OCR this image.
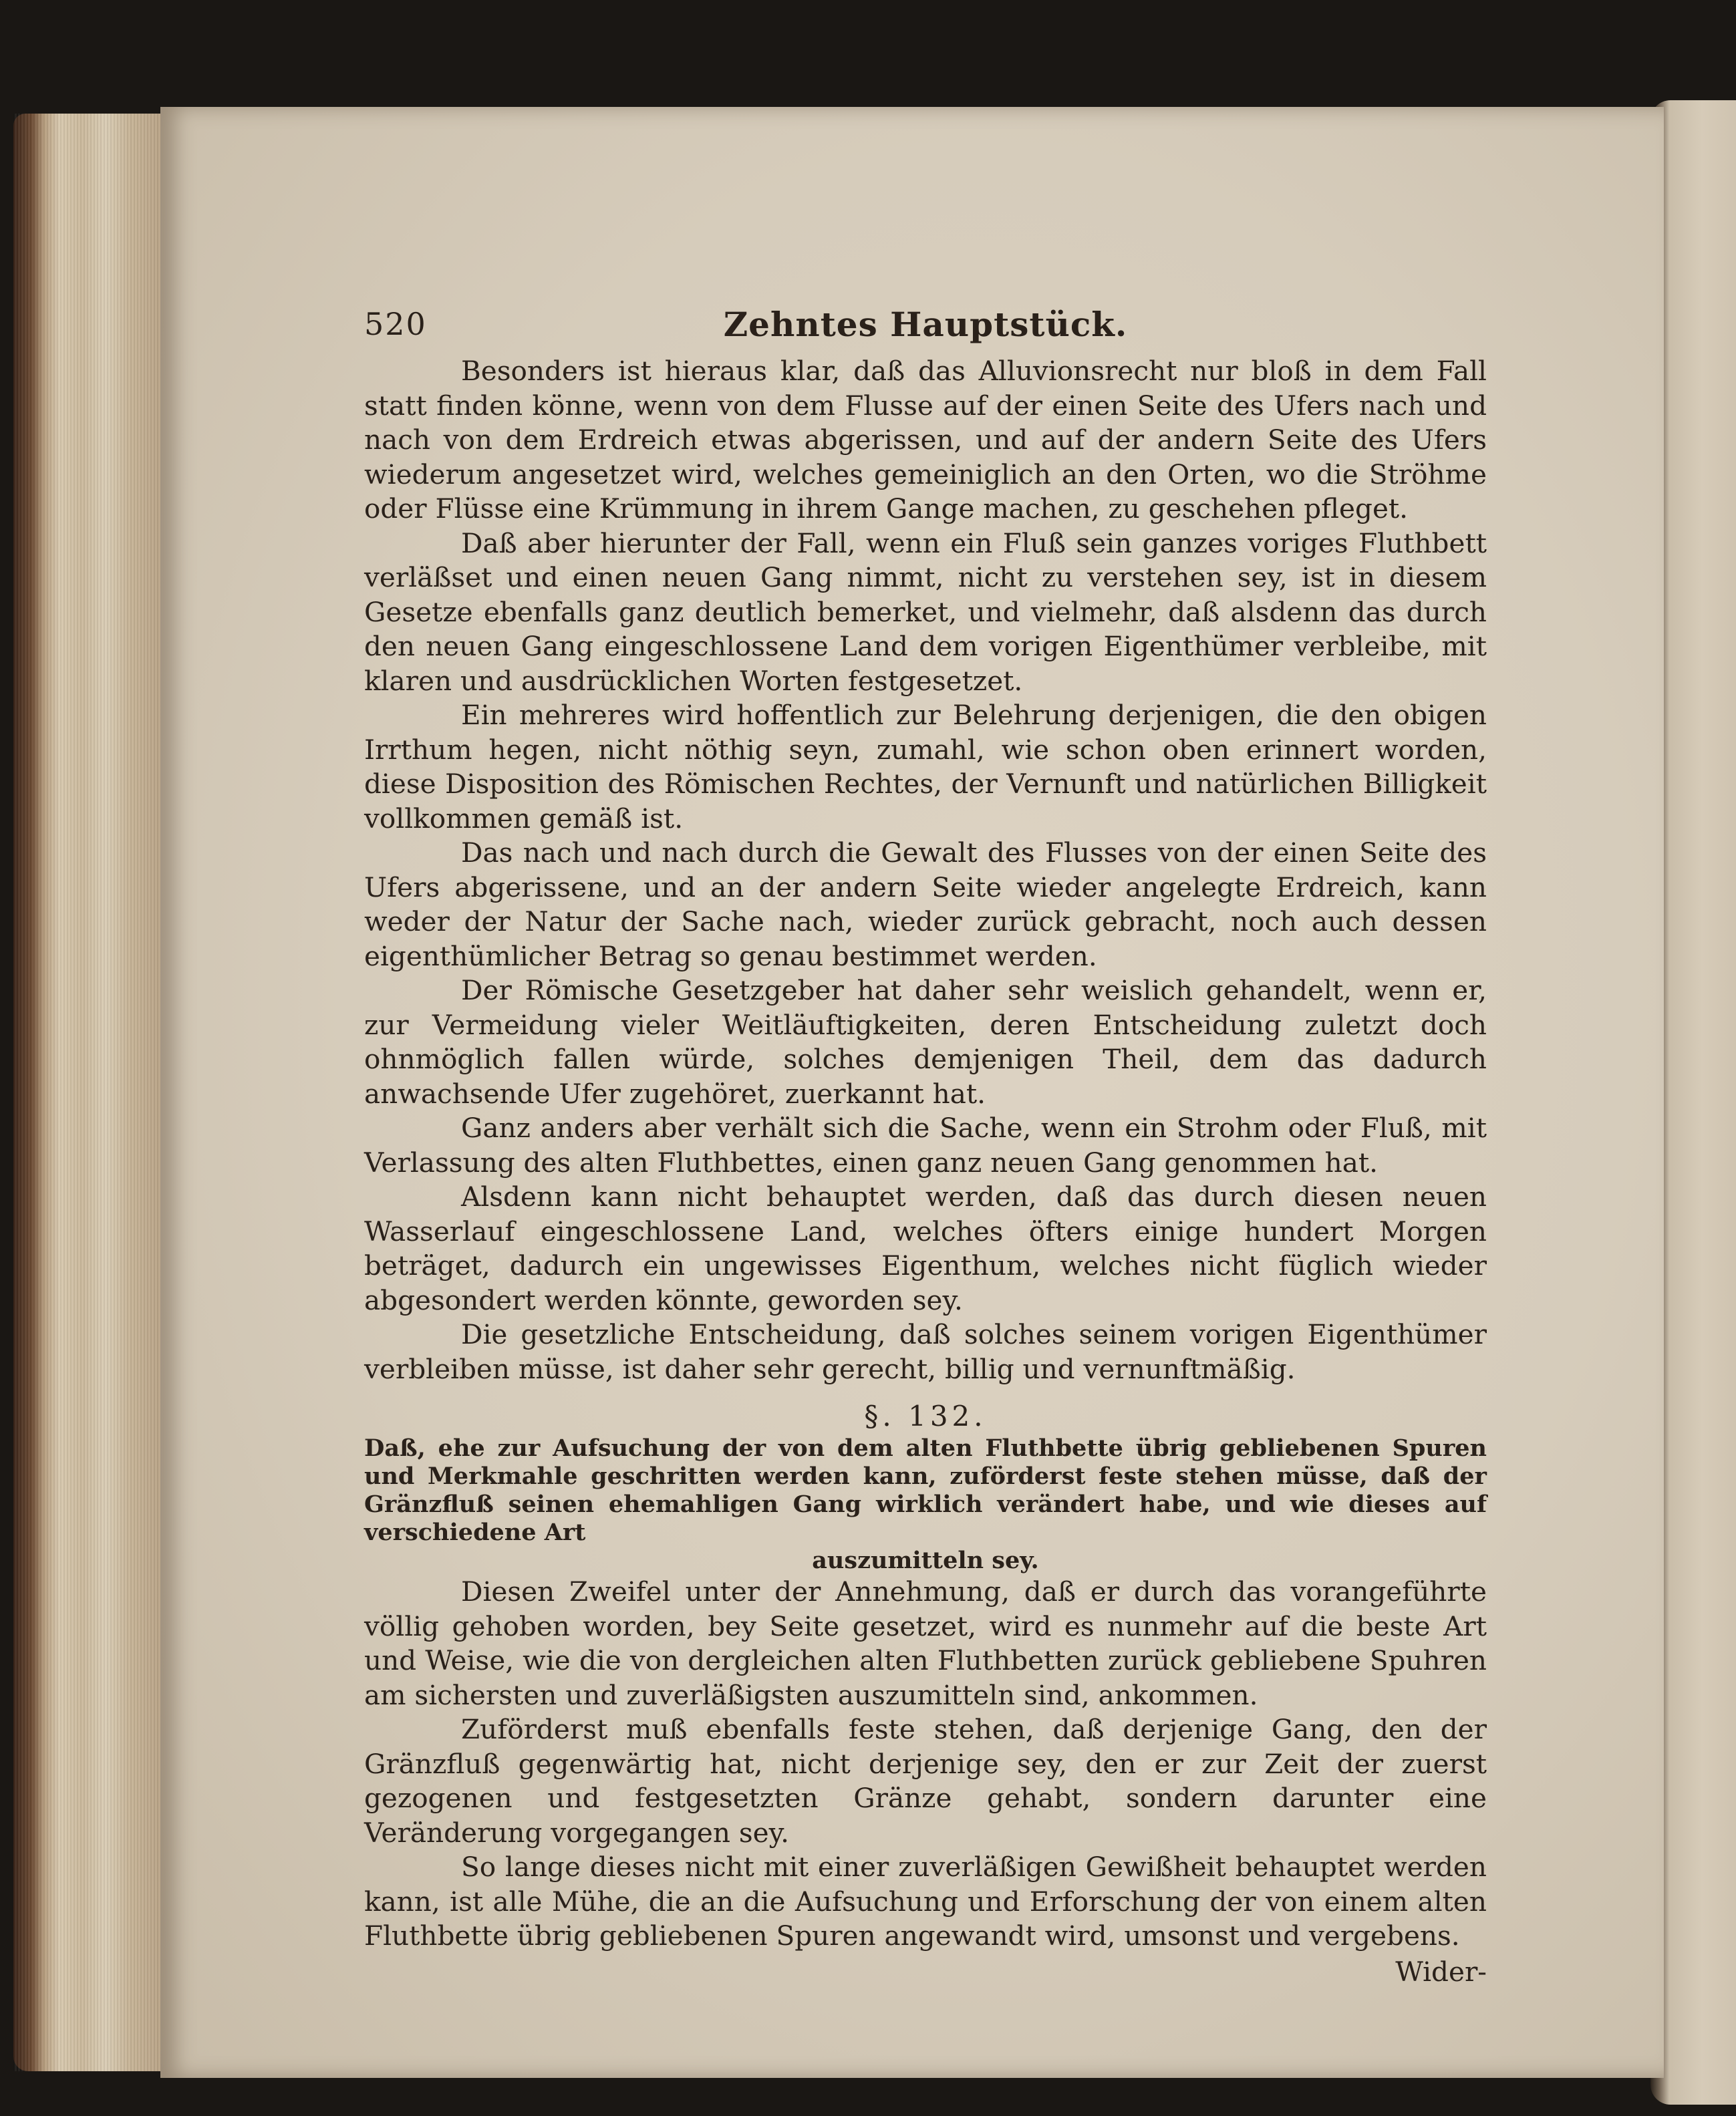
520	Zehntes Hauptstück.

Besonders ist hieraus klar, daß das Alluvionsrecht nur bloß in dem Fall statt finden könne, wenn von dem Flusse auf der einen Seite des Ufers nach und nach von dem Erdreich etwas abgerissen, und auf der andern Seite des Ufers wiederum angesetzet wird, welches gemeiniglich an den Orten, wo die Ströhme oder Flüsse eine Krümmung in ihrem Gange machen, zu geschehen pfleget.

Daß aber hierunter der Fall, wenn ein Fluß sein ganzes voriges Fluthbett verläßset und einen neuen Gang nimmt, nicht zu verstehen sey, ist in diesem Gesetze ebenfalls ganz deutlich bemerket, und vielmehr, daß alsdenn das durch den neuen Gang eingeschlossene Land dem vorigen Eigenthümer verbleibe, mit klaren und ausdrücklichen Worten festgesetzet.

Ein mehreres wird hoffentlich zur Belehrung derjenigen, die den obigen Irrthum hegen, nicht nöthig seyn, zumahl, wie schon oben erinnert worden, diese Disposition des Römischen Rechtes, der Vernunft und natürlichen Billigkeit vollkommen gemäß ist.

Das nach und nach durch die Gewalt des Flusses von der einen Seite des Ufers abgerissene, und an der andern Seite wieder angelegte Erdreich, kann weder der Natur der Sache nach, wieder zurück gebracht, noch auch dessen eigenthümlicher Betrag so genau bestimmet werden.

Der Römische Gesetzgeber hat daher sehr weislich gehandelt, wenn er, zur Vermeidung vieler Weitläuftigkeiten, deren Entscheidung zuletzt doch ohnmöglich fallen würde, solches demjenigen Theil, dem das dadurch anwachsende Ufer zugehöret, zuerkannt hat.

Ganz anders aber verhält sich die Sache, wenn ein Strohm oder Fluß, mit Verlassung des alten Fluthbettes, einen ganz neuen Gang genommen hat.

Alsdenn kann nicht behauptet werden, daß das durch diesen neuen Wasserlauf eingeschlossene Land, welches öfters einige hundert Morgen beträget, dadurch ein ungewisses Eigenthum, welches nicht füglich wieder abgesondert werden könnte, geworden sey.

Die gesetzliche Entscheidung, daß solches seinem vorigen Eigenthümer verbleiben müsse, ist daher sehr gerecht, billig und vernunftmäßig.

§. 132.

Daß, ehe zur Aufsuchung der von dem alten Fluthbette übrig gebliebenen Spuren und Merkmahle geschritten werden kann, zuförderst feste stehen müsse, daß der Gränzfluß seinen ehemahligen Gang wirklich verändert habe, und wie dieses auf verschiedene Art
auszumitteln sey.

Diesen Zweifel unter der Annehmung, daß er durch das vorangeführte völlig gehoben worden, bey Seite gesetzet, wird es nunmehr auf die beste Art und Weise, wie die von dergleichen alten Fluthbetten zurück gebliebene Spuhren am sichersten und zuverläßigsten auszumitteln sind, ankommen.

Zuförderst muß ebenfalls feste stehen, daß derjenige Gang, den der Gränzfluß gegenwärtig hat, nicht derjenige sey, den er zur Zeit der zuerst gezogenen und festgesetzten Gränze gehabt, sondern darunter eine Veränderung vorgegangen sey.

So lange dieses nicht mit einer zuverläßigen Gewißheit behauptet werden kann, ist alle Mühe, die an die Aufsuchung und Erforschung der von einem alten Fluthbette übrig gebliebenen Spuren angewandt wird, umsonst und vergebens.

Wider-
